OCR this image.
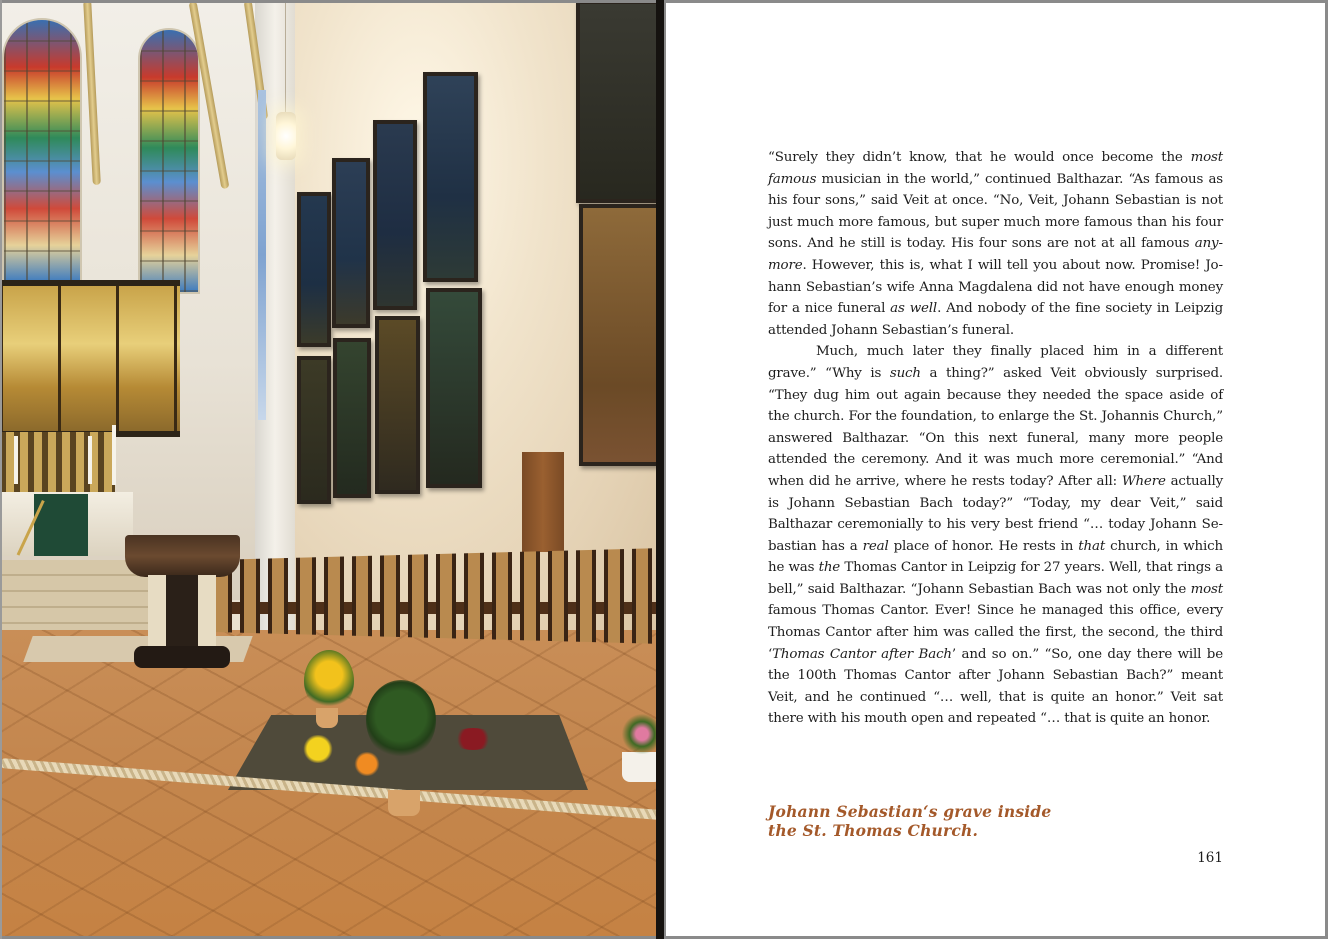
“Surely they didn’t know, that he would once become the most famous musician in the world,” continued Balthazar. “As famous as his four sons,” said Veit at once. “No, Veit, Johann Sebastian is not just much more famous, but super much more famous than his four sons. And he still is today. His four sons are not at all famous anymore. However, this is, what I will tell you about now. Promise! Johann Sebastian’s wife Anna Magdalena did not have enough money for a nice funeral as well. And nobody of the fine society in Leipzig attended Johann Sebastian’s funeral.

Much, much later they finally placed him in a different grave.” “Why is such a thing?” asked Veit obviously surprised. “They dug him out again because they needed the space aside of the church. For the foundation, to enlarge the St. Johannis Church,” answered Balthazar. “On this next funeral, many more people attended the ceremony. And it was much more ceremonial.” “And when did he arrive, where he rests today? After all: Where actually is Johann Sebastian Bach today?” “Today, my dear Veit,” said Balthazar ceremonially to his very best friend “… today Johann Sebastian has a real place of honor. He rests in that church, in which he was the Thomas Cantor in Leipzig for 27 years. Well, that rings a bell,” said Balthazar. “Johann Sebastian Bach was not only the most famous Thomas Cantor. Ever! Since he managed this office, every Thomas Cantor after him was called the first, the second, the third ‘Thomas Cantor after Bach’ and so on.” “So, one day there will be the 100th Thomas Cantor after Johann Sebastian Bach?” meant Veit, and he continued “… well, that is quite an honor.” Veit sat there with his mouth open and repeated “… that is quite an honor.

Johann Sebastian‘s grave inside
the St. Thomas Church.
161
